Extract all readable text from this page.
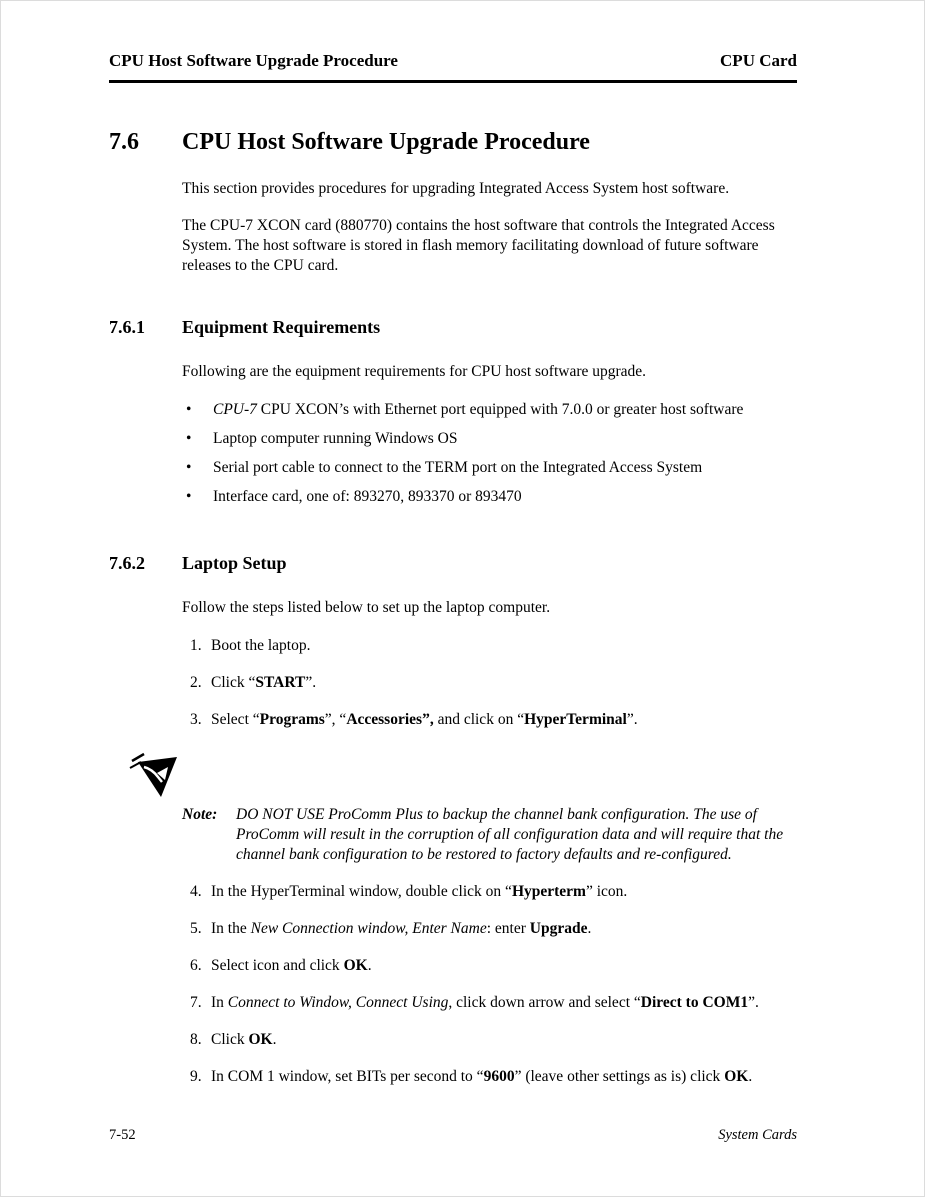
CPU Host Software Upgrade Procedure	CPU Card
7.6	CPU Host Software Upgrade Procedure

This section provides procedures for upgrading Integrated Access System host software.

The CPU-7 XCON card (880770) contains the host software that controls the Integrated Access System. The host software is stored in flash memory facilitating download of future software releases to the CPU card.

7.6.1	Equipment Requirements

Following are the equipment requirements for CPU host software upgrade.

•	CPU-7 CPU XCON’s with Ethernet port equipped with 7.0.0 or greater host software
•	Laptop computer running Windows OS
•	Serial port cable to connect to the TERM port on the Integrated Access System
•	Interface card, one of: 893270, 893370 or 893470
7.6.2	Laptop Setup

Follow the steps listed below to set up the laptop computer.

1. Boot the laptop.
2. Click “START”.
3. Select “Programs”, “Accessories”, and click on “HyperTerminal”.
Note:	DO NOT USE ProComm Plus to backup the channel bank configuration. The use of ProComm will result in the corruption of all configuration data and will require that the channel bank configuration to be restored to factory defaults and re-configured.
4. In the HyperTerminal window, double click on “Hyperterm” icon.
5. In the New Connection window, Enter Name: enter Upgrade.
6. Select icon and click OK.
7. In Connect to Window, Connect Using, click down arrow and select “Direct to COM1”.
8. Click OK.
9. In COM 1 window, set BITs per second to “9600” (leave other settings as is) click OK.
7-52	System Cards
